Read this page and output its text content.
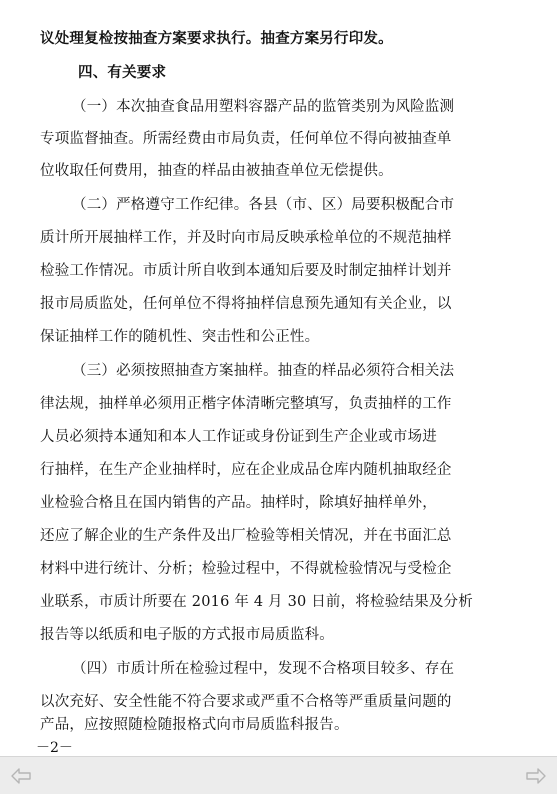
议处理复检按抽查方案要求执行。抽查方案另行印发。
四、有关要求
（一）本次抽查食品用塑料容器产品的监管类别为风险监测
专项监督抽查。所需经费由市局负责，任何单位不得向被抽查单
位收取任何费用，抽查的样品由被抽查单位无偿提供。
（二）严格遵守工作纪律。各县（市、区）局要积极配合市
质计所开展抽样工作，并及时向市局反映承检单位的不规范抽样
检验工作情况。市质计所自收到本通知后要及时制定抽样计划并
报市局质监处，任何单位不得将抽样信息预先通知有关企业，以
保证抽样工作的随机性、突击性和公正性。
（三）必须按照抽查方案抽样。抽查的样品必须符合相关法
律法规，抽样单必须用正楷字体清晰完整填写，负责抽样的工作
人员必须持本通知和本人工作证或身份证到生产企业或市场进
行抽样，在生产企业抽样时，应在企业成品仓库内随机抽取经企
业检验合格且在国内销售的产品。抽样时，除填好抽样单外，
还应了解企业的生产条件及出厂检验等相关情况，并在书面汇总
材料中进行统计、分析；检验过程中，不得就检验情况与受检企
业联系，市质计所要在 2016 年 4 月 30 日前，将检验结果及分析
报告等以纸质和电子版的方式报市局质监科。
（四）市质计所在检验过程中，发现不合格项目较多、存在
以次充好、安全性能不符合要求或严重不合格等严重质量问题的
产品，应按照随检随报格式向市局质监科报告。
－2－
